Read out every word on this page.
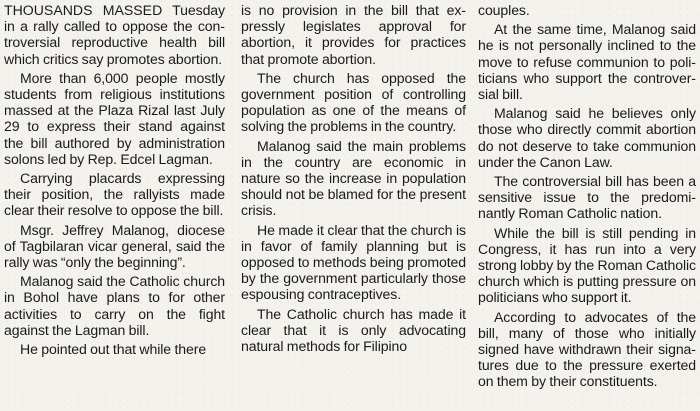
THOUSANDS MASSED Tuesday in a rally called to oppose the controversial reproductive health bill which critics say promotes abortion.

More than 6,000 people mostly students from religious institutions massed at the Plaza Rizal last July 29 to express their stand against the bill authored by administration solons led by Rep. Edcel Lagman.

Carrying placards expressing their position, the rallyists made clear their resolve to oppose the bill.

Msgr. Jeffrey Malanog, diocese of Tagbilaran vicar general, said the rally was “only the beginning”.

Malanog said the Catholic church in Bohol have plans to for other activities to carry on the fight against the Lagman bill.

He pointed out that while there

is no provision in the bill that expressly legislates approval for abortion, it provides for practices that promote abortion.

The church has opposed the government position of controlling population as one of the means of solving the problems in the country.

Malanog said the main problems in the country are economic in nature so the increase in population should not be blamed for the present crisis.

He made it clear that the church is in favor of family planning but is opposed to methods being promoted by the government particularly those espousing contraceptives.

The Catholic church has made it clear that it is only advocating natural methods for Filipino

couples.

At the same time, Malanog said he is not personally inclined to the move to refuse communion to politicians who support the controversial bill.

Malanog said he believes only those who directly commit abortion do not deserve to take communion under the Canon Law.

The controversial bill has been a sensitive issue to the predominantly Roman Catholic nation.

While the bill is still pending in Congress, it has run into a very strong lobby by the Roman Catholic church which is putting pressure on politicians who support it.

According to advocates of the bill, many of those who initially signed have withdrawn their signatures due to the pressure exerted on them by their constituents.
